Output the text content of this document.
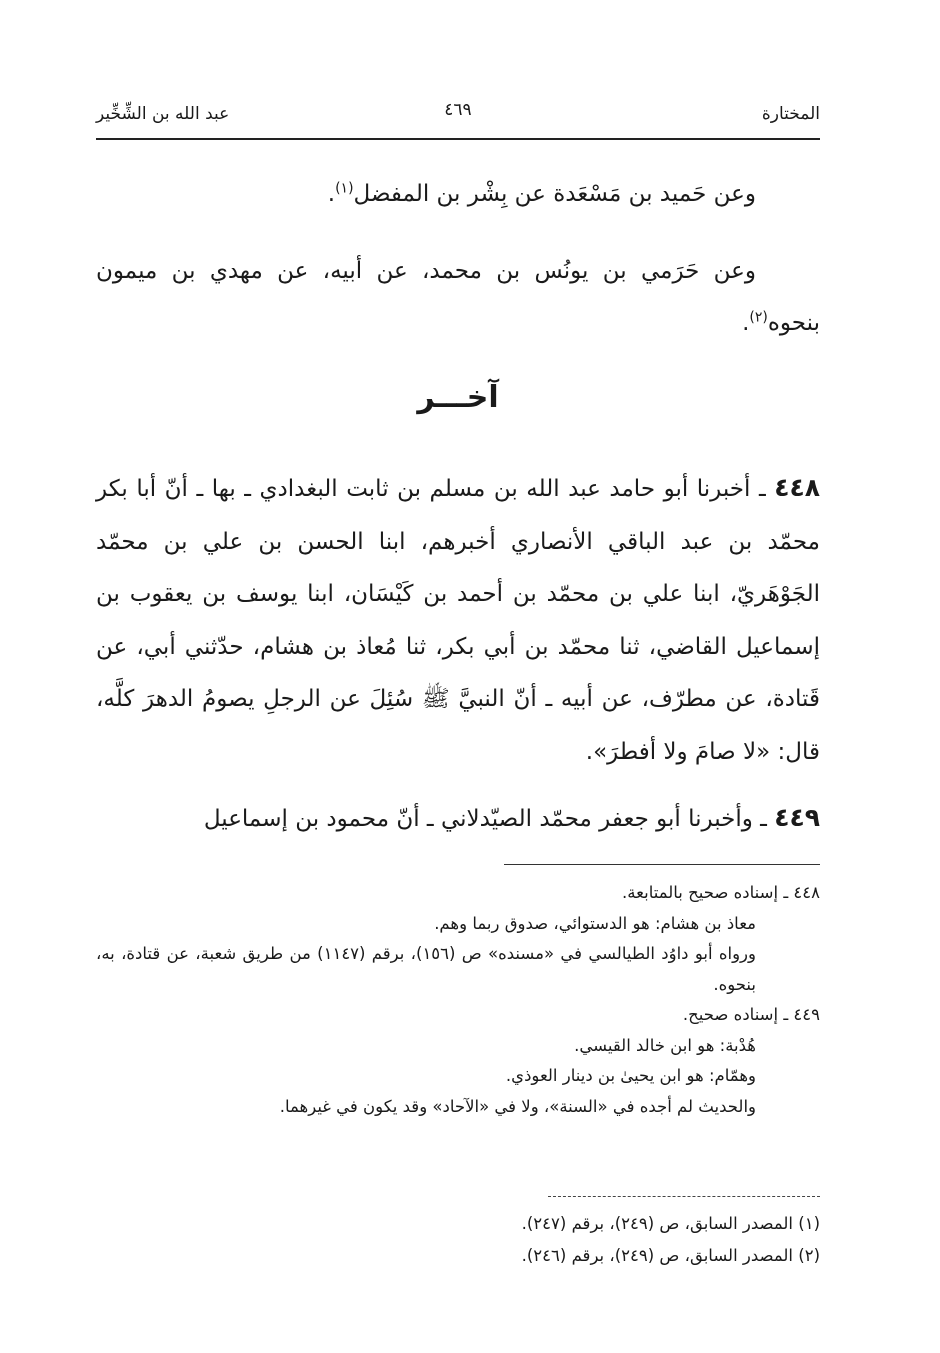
المختارة
٤٦٩
عبد الله بن الشِّخِّير
وعن حَميد بن مَسْعَدة عن بِشْر بن المفضل$^{(١)}$.
وعن حَرَمي بن يونُس بن محمد، عن أبيه، عن مهدي بن ميمون بنحوه$^{(٢)}$.
آخـــر
٤٤٨ ـ أخبرنا أبو حامد عبد الله بن مسلم بن ثابت البغدادي ـ بها ـ أنّ أبا بكر محمّد بن عبد الباقي الأنصاري أخبرهم، ابنا الحسن بن علي بن محمّد الجَوْهَريّ، ابنا علي بن محمّد بن أحمد بن كَيْسَان، ابنا يوسف بن يعقوب بن إسماعيل القاضي، ثنا محمّد بن أبي بكر، ثنا مُعاذ بن هشام، حدّثني أبي، عن قَتادة، عن مطرّف، عن أبيه ـ أنّ النبيَّ ﷺ سُئِلَ عن الرجلِ يصومُ الدهرَ كلَّه، قال: «لا صامَ ولا أفطرَ».
٤٤٩ ـ وأخبرنا أبو جعفر محمّد الصيّدلاني ـ أنّ محمود بن إسماعيل
٤٤٨ ـ إسناده صحيح بالمتابعة.
معاذ بن هشام: هو الدستوائي، صدوق ربما وهم.
ورواه أبو داوُد الطيالسي في «مسنده» ص (١٥٦)، برقم (١١٤٧) من طريق شعبة، عن قتادة، به، بنحوه.
٤٤٩ ـ إسناده صحيح.
هُدْبة: هو ابن خالد القيسي.
وهمّام: هو ابن يحيىٰ بن دينار العوذي.
والحديث لم أجده في «السنة»، ولا في «الآحاد» وقد يكون في غيرهما.
(١) المصدر السابق، ص (٢٤٩)، برقم (٢٤٧).
(٢) المصدر السابق، ص (٢٤٩)، برقم (٢٤٦).
